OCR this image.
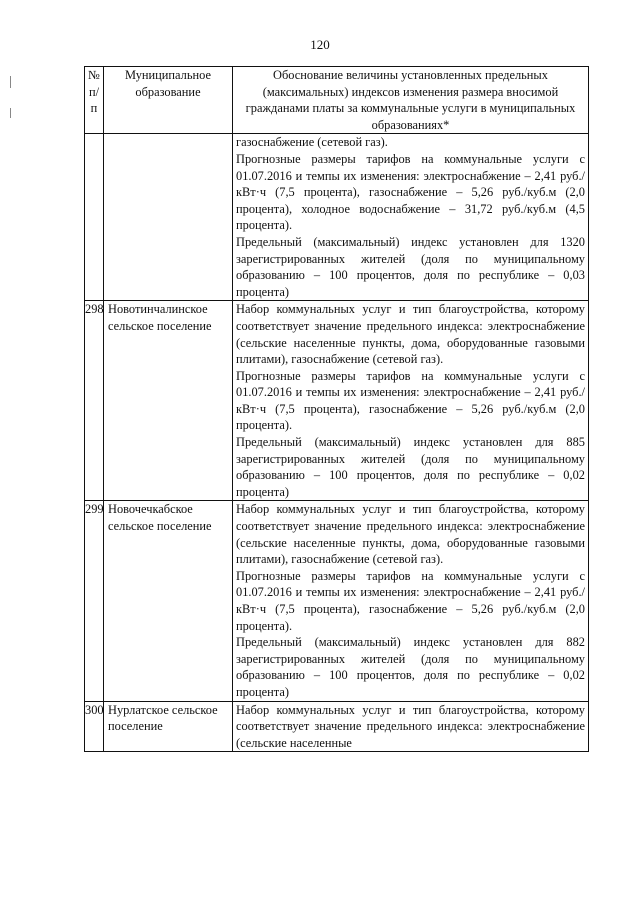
120
№ п/п	Муниципальное образование	Обоснование величины установленных предельных (максимальных) индексов изменения размера вносимой гражданами платы за коммунальные услуги в муниципальных образованиях*

		газоснабжение (сетевой газ).
Прогнозные размеры тарифов на коммунальные услуги с 01.07.2016 и темпы их изменения: электроснабжение – 2,41 руб./кВт·ч (7,5 процента), газоснабжение – 5,26 руб./куб.м (2,0 процента), холодное водоснабжение – 31,72 руб./куб.м (4,5 процента).
Предельный (максимальный) индекс установлен для 1320 зарегистрированных жителей (доля по муниципальному образованию – 100 процентов, доля по республике – 0,03 процента)

298	Новотинчалинское сельское поселение	Набор коммунальных услуг и тип благоустройства, которому соответствует значение предельного индекса: электроснабжение (сельские населенные пункты, дома, оборудованные газовыми плитами), газоснабжение (сетевой газ).
Прогнозные размеры тарифов на коммунальные услуги с 01.07.2016 и темпы их изменения: электроснабжение – 2,41 руб./кВт·ч (7,5 процента), газоснабжение – 5,26 руб./куб.м (2,0 процента).
Предельный (максимальный) индекс установлен для 885 зарегистрированных жителей (доля по муниципальному образованию – 100 процентов, доля по республике – 0,02 процента)

299	Новочечкабское сельское поселение	Набор коммунальных услуг и тип благоустройства, которому соответствует значение предельного индекса: электроснабжение (сельские населенные пункты, дома, оборудованные газовыми плитами), газоснабжение (сетевой газ).
Прогнозные размеры тарифов на коммунальные услуги с 01.07.2016 и темпы их изменения: электроснабжение – 2,41 руб./кВт·ч (7,5 процента), газоснабжение – 5,26 руб./куб.м (2,0 процента).
Предельный (максимальный) индекс установлен для 882 зарегистрированных жителей (доля по муниципальному образованию – 100 процентов, доля по республике – 0,02 процента)

300	Нурлатское сельское поселение	Набор коммунальных услуг и тип благоустройства, которому соответствует значение предельного индекса: электроснабжение (сельские населенные
